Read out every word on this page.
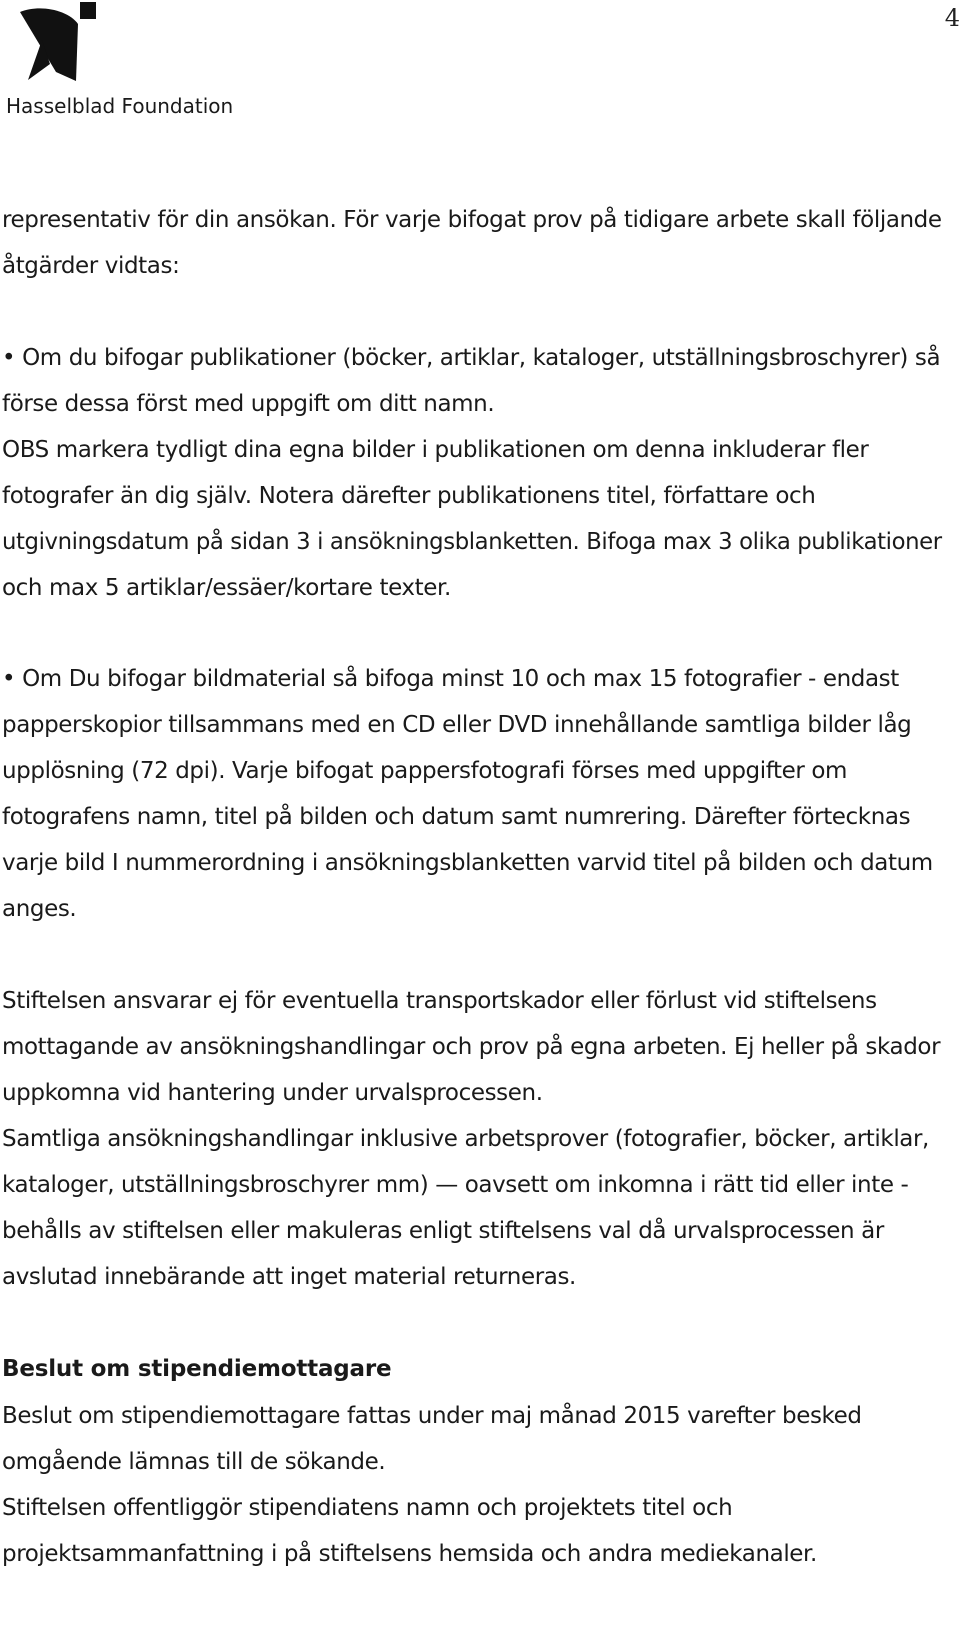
4
Hasselblad Foundation
representativ för din ansökan. För varje bifogat prov på tidigare arbete skall följande
åtgärder vidtas:
• Om du bifogar publikationer (böcker, artiklar, kataloger, utställningsbroschyrer) så
förse dessa först med uppgift om ditt namn.
OBS markera tydligt dina egna bilder i publikationen om denna inkluderar fler
fotografer än dig själv. Notera därefter publikationens titel, författare och
utgivningsdatum på sidan 3 i ansökningsblanketten. Bifoga max 3 olika publikationer
och max 5 artiklar/essäer/kortare texter.
• Om Du bifogar bildmaterial så bifoga minst 10 och max 15 fotografier - endast
papperskopior tillsammans med en CD eller DVD innehållande samtliga bilder låg
upplösning (72 dpi). Varje bifogat pappersfotografi förses med uppgifter om
fotografens namn, titel på bilden och datum samt numrering. Därefter förtecknas
varje bild I nummerordning i ansökningsblanketten varvid titel på bilden och datum
anges.
Stiftelsen ansvarar ej för eventuella transportskador eller förlust vid stiftelsens
mottagande av ansökningshandlingar och prov på egna arbeten. Ej heller på skador
uppkomna vid hantering under urvalsprocessen.
Samtliga ansökningshandlingar inklusive arbetsprover (fotografier, böcker, artiklar,
kataloger, utställningsbroschyrer mm) — oavsett om inkomna i rätt tid eller inte -
behålls av stiftelsen eller makuleras enligt stiftelsens val då urvalsprocessen är
avslutad innebärande att inget material returneras.
Beslut om stipendiemottagare
Beslut om stipendiemottagare fattas under maj månad 2015 varefter besked
omgående lämnas till de sökande.
Stiftelsen offentliggör stipendiatens namn och projektets titel och
projektsammanfattning i på stiftelsens hemsida och andra mediekanaler.
